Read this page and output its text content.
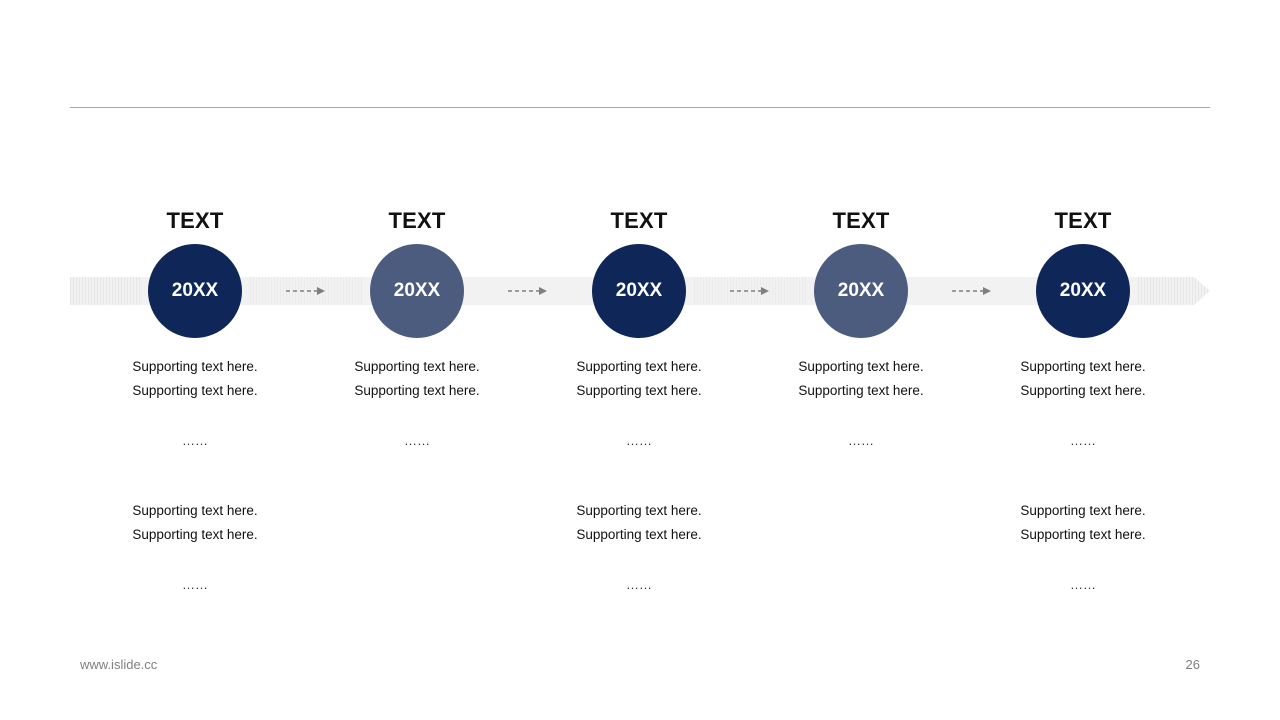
TEXT
20XX
Supporting text here.
Supporting text here.
……
Supporting text here.
Supporting text here.
……
TEXT
20XX
Supporting text here.
Supporting text here.
……
TEXT
20XX
Supporting text here.
Supporting text here.
……
Supporting text here.
Supporting text here.
……
TEXT
20XX
Supporting text here.
Supporting text here.
……
TEXT
20XX
Supporting text here.
Supporting text here.
……
Supporting text here.
Supporting text here.
……
www.islide.cc	26
